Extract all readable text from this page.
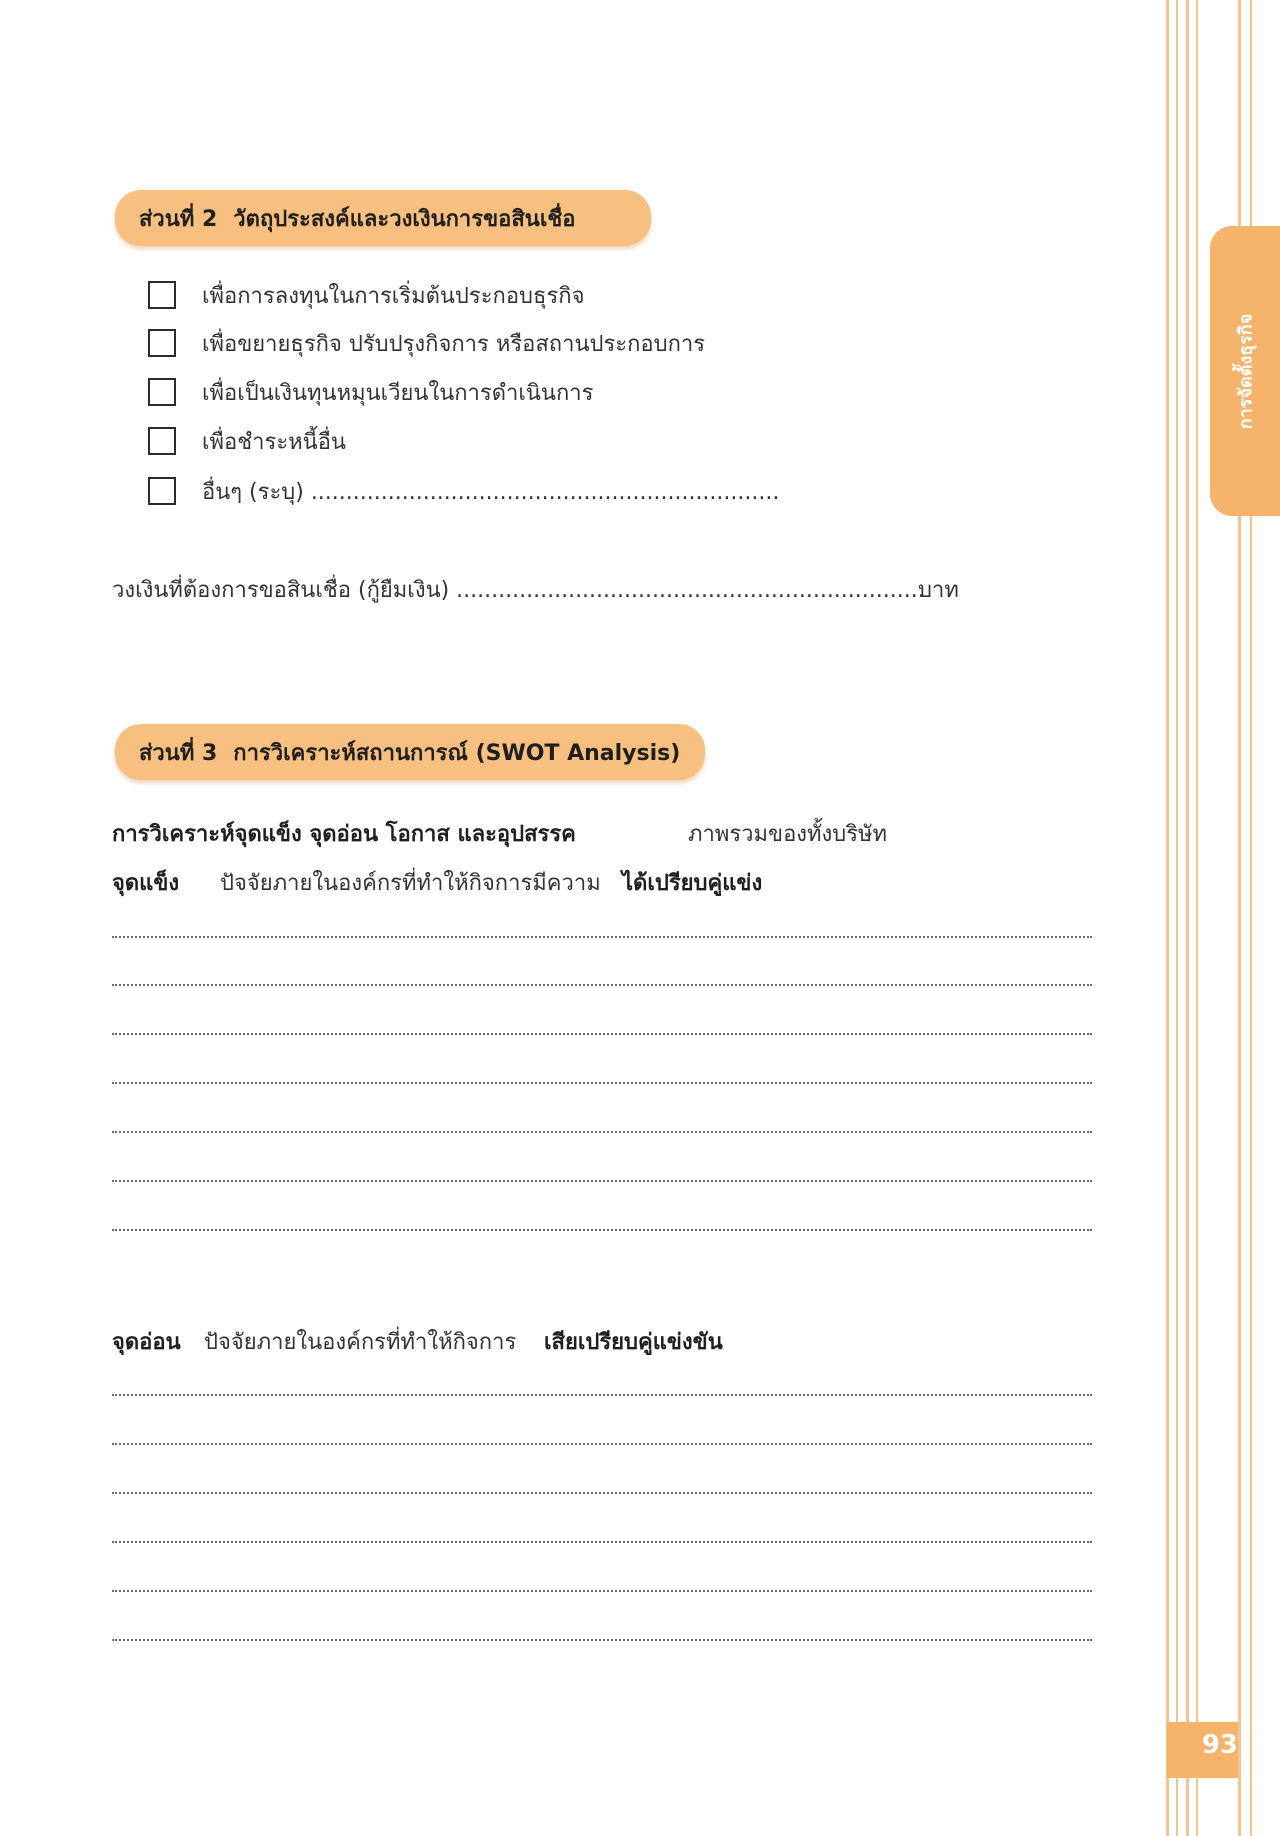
การจัดตั้งธุรกิจ
93
ส่วนที่ 2 วัตถุประสงค์และวงเงินการขอสินเชื่อ
เพื่อการลงทุนในการเริ่มต้นประกอบธุรกิจ
เพื่อขยายธุรกิจ ปรับปรุงกิจการ หรือสถานประกอบการ
เพื่อเป็นเงินทุนหมุนเวียนในการดำเนินการ
เพื่อชำระหนี้อื่น
อื่นๆ (ระบุ) ...................................................................
วงเงินที่ต้องการขอสินเชื่อ (กู้ยืมเงิน) ...................................................................
บาท
ส่วนที่ 3 การวิเคราะห์สถานการณ์ (SWOT Analysis)
การวิเคราะห์จุดแข็ง จุดอ่อน โอกาส และอุปสรรค	ภาพรวมของทั้งบริษัท
จุดแข็ง ปัจจัยภายในองค์กรที่ทำให้กิจการมีความ ได้เปรียบคู่แข่ง
จุดอ่อน ปัจจัยภายในองค์กรที่ทำให้กิจการ เสียเปรียบคู่แข่งขัน
